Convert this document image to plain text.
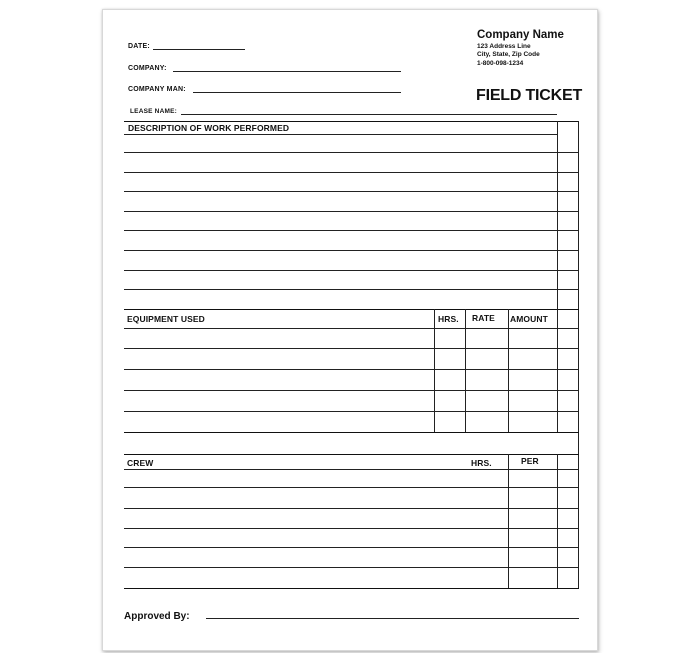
DATE:
COMPANY:
COMPANY MAN:
LEASE NAME:
Company Name
123 Address Line
City, State, Zip Code
1-800-098-1234
FIELD TICKET
DESCRIPTION OF WORK PERFORMED
EQUIPMENT USED	HRS. RATE AMOUNT
CREW	HRS.	PER
Approved By:
